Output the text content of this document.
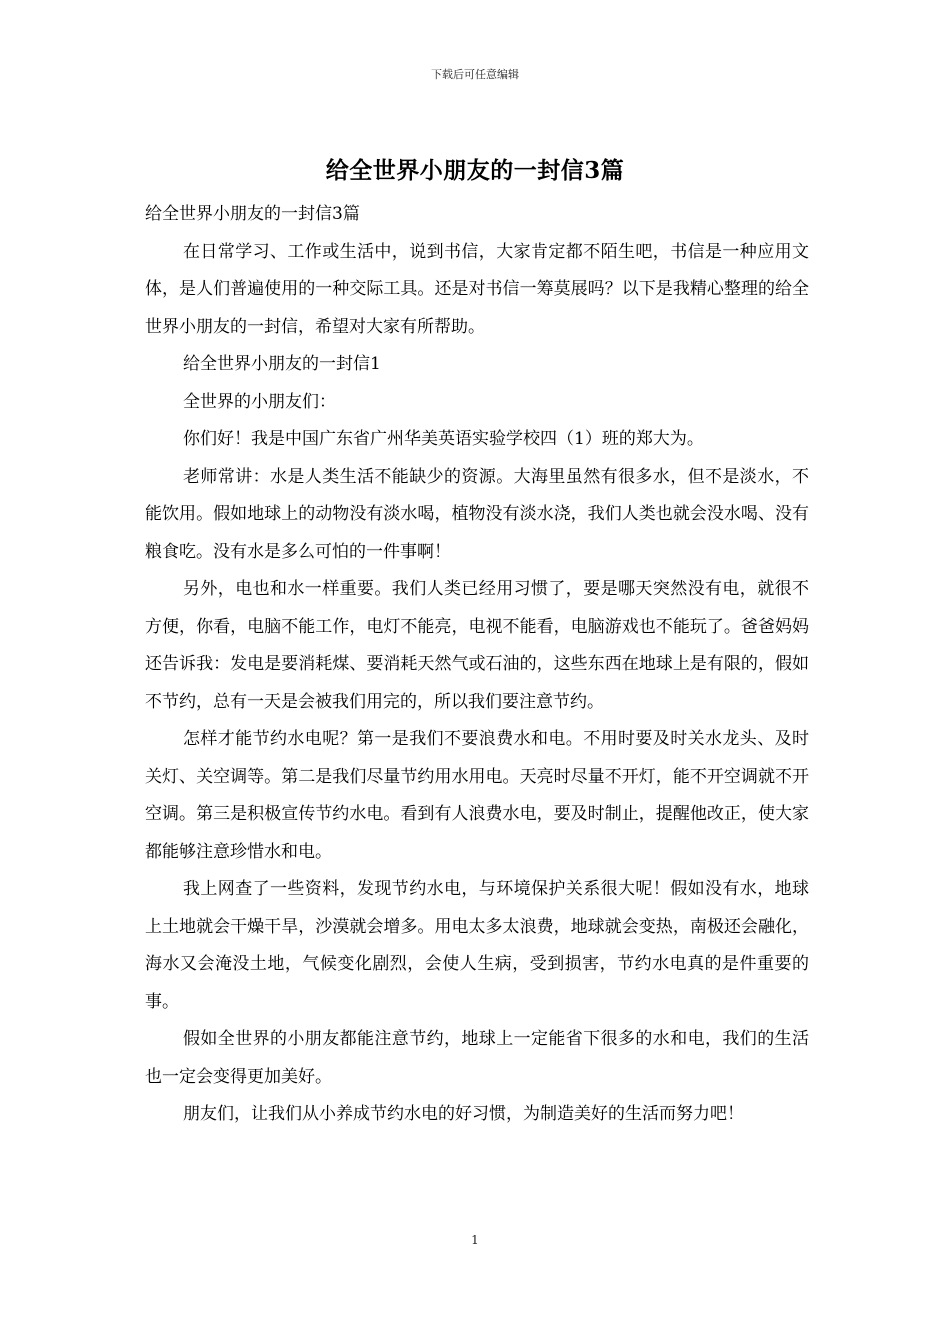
下载后可任意编辑
给全世界小朋友的一封信3篇

给全世界小朋友的一封信3篇

在日常学习、工作或生活中，说到书信，大家肯定都不陌生吧，书信是一种应用文体，是人们普遍使用的一种交际工具。还是对书信一筹莫展吗？以下是我精心整理的给全世界小朋友的一封信，希望对大家有所帮助。

给全世界小朋友的一封信1

全世界的小朋友们：

你们好！我是中国广东省广州华美英语实验学校四（1）班的郑大为。

老师常讲：水是人类生活不能缺少的资源。大海里虽然有很多水，但不是淡水，不能饮用。假如地球上的动物没有淡水喝，植物没有淡水浇，我们人类也就会没水喝、没有粮食吃。没有水是多么可怕的一件事啊！

另外，电也和水一样重要。我们人类已经用习惯了，要是哪天突然没有电，就很不方便，你看，电脑不能工作，电灯不能亮，电视不能看，电脑游戏也不能玩了。爸爸妈妈还告诉我：发电是要消耗煤、要消耗天然气或石油的，这些东西在地球上是有限的，假如不节约，总有一天是会被我们用完的，所以我们要注意节约。

怎样才能节约水电呢？第一是我们不要浪费水和电。不用时要及时关水龙头、及时关灯、关空调等。第二是我们尽量节约用水用电。天亮时尽量不开灯，能不开空调就不开空调。第三是积极宣传节约水电。看到有人浪费水电，要及时制止，提醒他改正，使大家都能够注意珍惜水和电。

我上网查了一些资料，发现节约水电，与环境保护关系很大呢！假如没有水，地球上土地就会干燥干旱，沙漠就会增多。用电太多太浪费，地球就会变热，南极还会融化，海水又会淹没土地，气候变化剧烈，会使人生病，受到损害，节约水电真的是件重要的事。

假如全世界的小朋友都能注意节约，地球上一定能省下很多的水和电，我们的生活也一定会变得更加美好。

朋友们，让我们从小养成节约水电的好习惯，为制造美好的生活而努力吧！

1
